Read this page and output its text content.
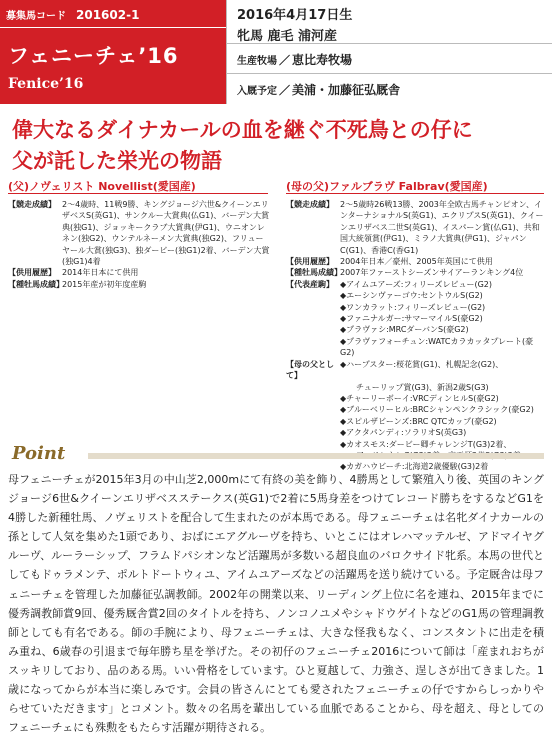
募集馬コード 201602-1
フェニーチェ’16
Fenice’16
2016年4月17日生
牝馬 鹿毛 浦河産
生産牧場 ／ 恵比寿牧場
入厩予定 ／ 美浦・加藤征弘厩舎
偉大なるダイナカールの血を継ぐ不死鳥との仔に
父が託した栄光の物語
(父)ノヴェリスト Novellist(愛国産)
【競走成績】 2～4歳時、11戦9勝、キングジョージ六世&クイーンエリザベスS(英G1)、サンクルー大賞典(仏G1)、バーデン大賞典(独G1)、ジョッキークラブ大賞典(伊G1)、ウニオンレネン(独G2)、ウンテルネーメン大賞典(独G2)、フリューヤール大賞(独G3)、独ダービー(独G1)2着、バーデン大賞(独G1)4着
【供用履歴】 2014年日本にて供用
【種牡馬成績】
2015年産が初年度産駒
(母の父)ファルブラヴ Falbrav(愛国産)
【競走成績】 2～5歳時26戦13勝、2003年全欧古馬チャンピオン、インターナショナルS(英G1)、エクリプスS(英G1)、クイーンエリザベス二世S(英G1)、イスパーン賞(仏G1)、共和国大統領賞(伊G1)、ミラノ大賞典(伊G1)、ジャパンC(G1)、香港C(香G1)
【供用履歴】 2004年日本／豪州、2005年英国にて供用
【種牡馬成績】
2007年ファーストシーズンサイアーランキング4位
【代表産駒】 ◆アイムユアーズ:フィリーズレビュー(G2)
◆エーシンヴァーゴウ:セントウルS(G2)
◆ワンカラット:フィリーズレビュー(G2)
◆ファニナルガー:サマーマイルS(豪G2)
◆プラヴァシ:MRCダーバンS(豪G2)
◆プラヴァフォーチュン:WATCカラカッタプレート(豪G2)
【母の父として】
◆ハープスター:桜花賞(G1)、札幌記念(G2)、
チューリップ賞(G3)、新潟2歳S(G3)
◆チャーリーボーイ:VRCディンヒルS(豪G2)
◆ブルーベリーヒル:BRCシャンペンクラシック(豪G2)
◆スピルザビーンズ:BRC QTCカップ(豪G2)
◆アクタパンディ:ソラリオS(英G3)
◆カオスモス:ダービー卿チャレンジT(G3)2着、
◆カガハウビーチ:北海道2歳優駿(G3)2着
Point
母フェニーチェが2015年3月の中山芝2,000mにて有終の美を飾り、4勝馬として繁殖入り後、英国のキングジョージ6世&クイーンエリザベスステークス(英G1)で2着に5馬身差をつけてレコード勝ちをするなどG1を4勝した新種牡馬、ノヴェリストを配合して生まれたのが本馬である。母フェニーチェは名牝ダイナカールの孫として人気を集めた1頭であり、おばにエアグルーヴを持ち、いとこにはオレハマッテルゼ、アドマイヤグルーヴ、ルーラーシップ、フラムドパシオンなど活躍馬が多数いる超良血のバロクサイド牝系。本馬の世代としてもドゥラメンテ、ポルトドートウィユ、アイムユアーズなどの活躍馬を送り続けている。予定厩舎は母フェニーチェを管理した加藤征弘調教師。2002年の開業以来、リーディング上位に名を連ね、2015年までに優秀調教師賞9回、優秀厩舎賞2回のタイトルを持ち、ノンコノユメやシャドウゲイトなどのG1馬の管理調教師としても有名である。師の手腕により、母フェニーチェは、大きな怪我もなく、コンスタントに出走を積み重ね、6歳春の引退まで毎年勝ち星を挙げた。その初仔のフェニーチェ2016について師は「産まれおちがスッキリしており、品のある馬。いい骨格をしています。ひと夏越して、力強さ、逞しさが出てきました。1歳になってからが本当に楽しみです。会員の皆さんにとても愛されたフェニーチェの仔ですからしっかりやらせていただきます」とコメント。数々の名馬を輩出している血脈であることから、母を超え、母としてのフェニーチェにも殊勲をもたらす活躍が期待される。
